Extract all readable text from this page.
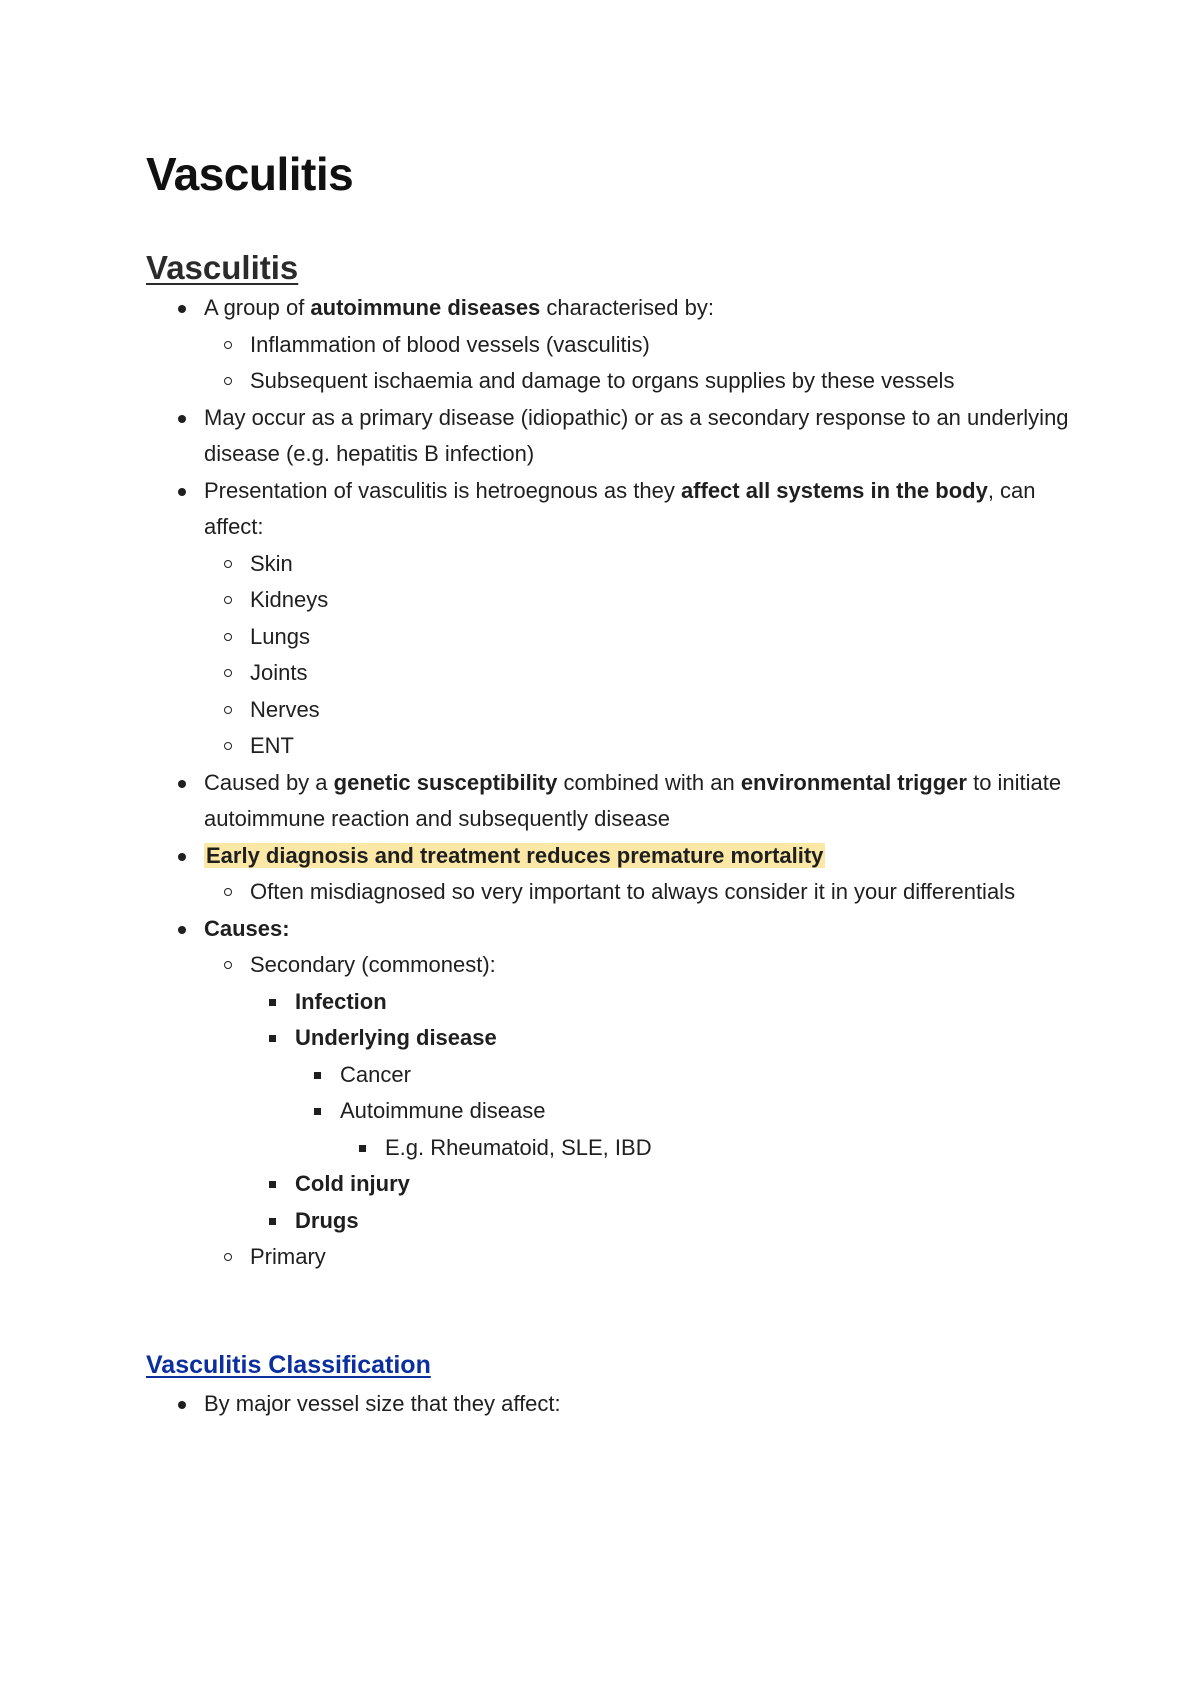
Vasculitis
Vasculitis
A group of autoimmune diseases characterised by:
Inflammation of blood vessels (vasculitis)
Subsequent ischaemia and damage to organs supplies by these vessels
May occur as a primary disease (idiopathic) or as a secondary response to an underlying disease (e.g. hepatitis B infection)
Presentation of vasculitis is hetroegnous as they affect all systems in the body, can affect:
Skin
Kidneys
Lungs
Joints
Nerves
ENT
Caused by a genetic susceptibility combined with an environmental trigger to initiate autoimmune reaction and subsequently disease
Early diagnosis and treatment reduces premature mortality
Often misdiagnosed so very important to always consider it in your differentials
Causes:
Secondary (commonest):
Infection
Underlying disease
Cancer
Autoimmune disease
E.g. Rheumatoid, SLE, IBD
Cold injury
Drugs
Primary
Vasculitis Classification
By major vessel size that they affect:
